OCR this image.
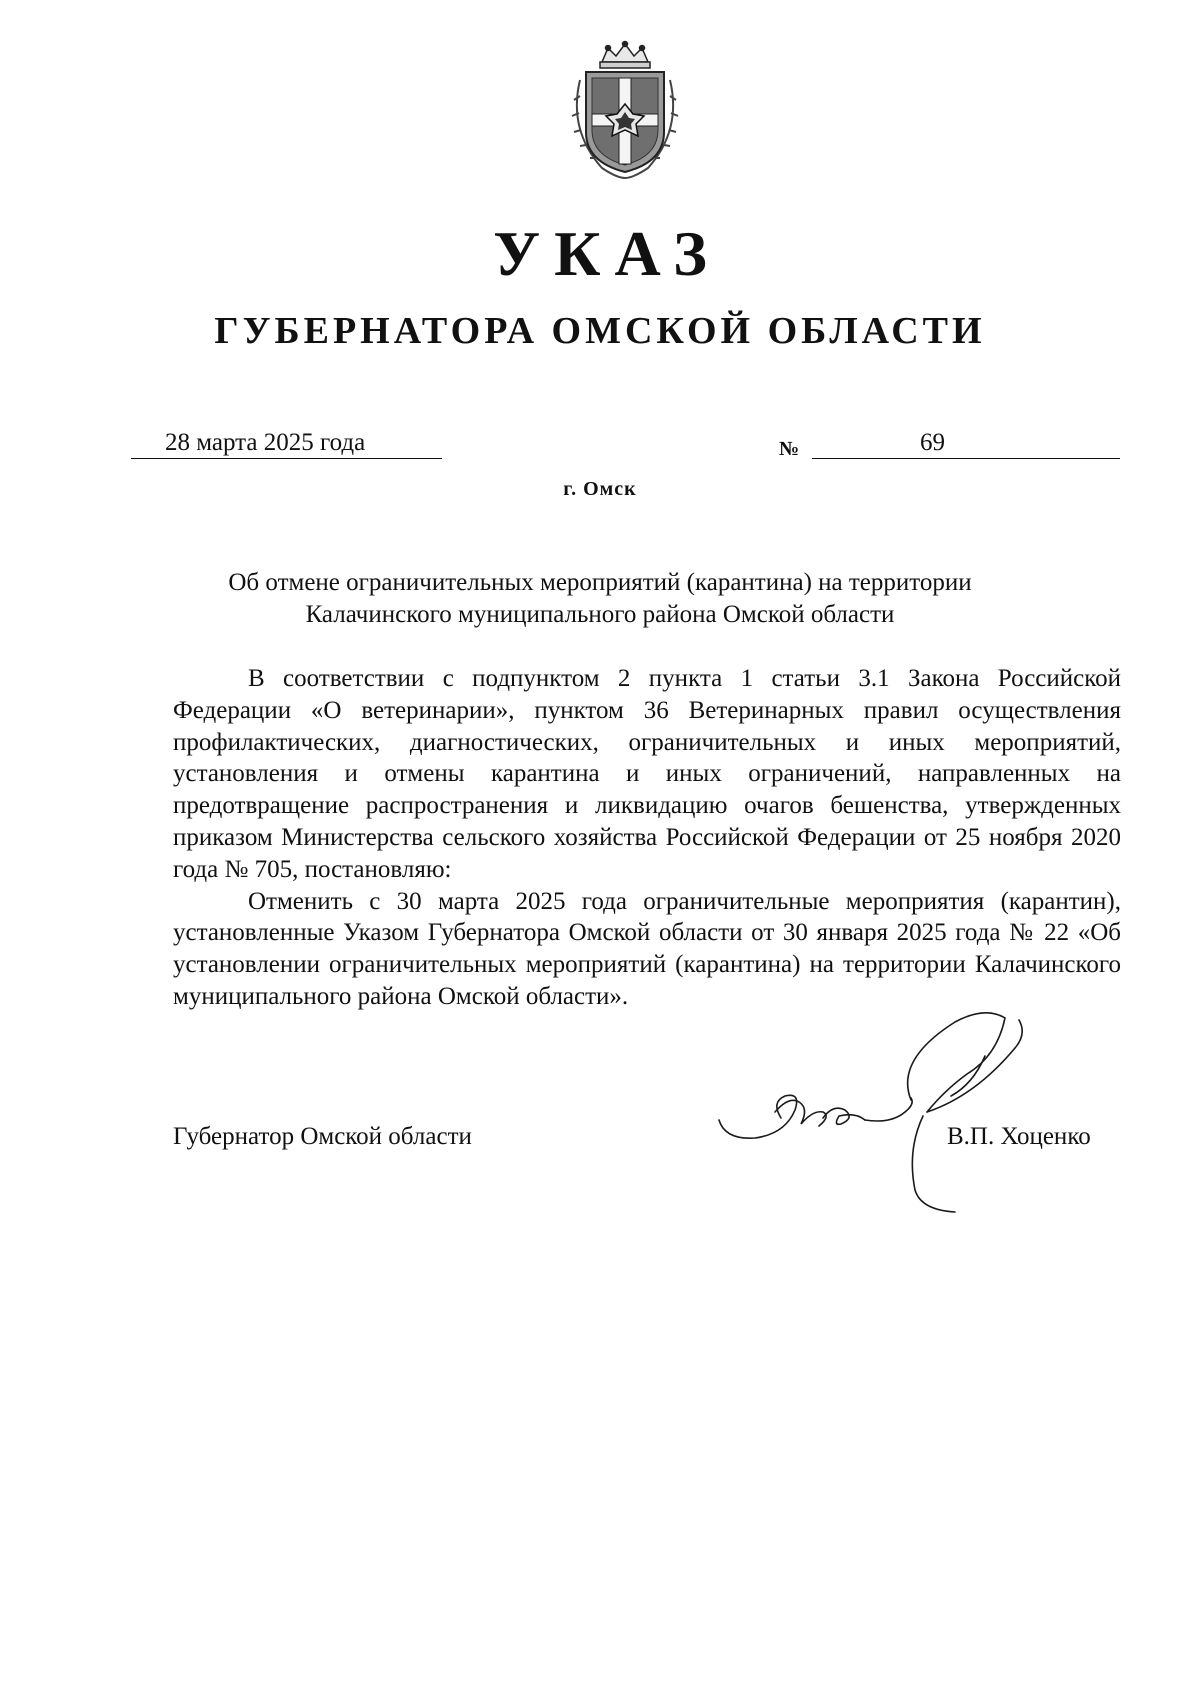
УКАЗ
ГУБЕРНАТОРА ОМСКОЙ ОБЛАСТИ
28 марта 2025 года	№	69
г. Омск
Об отмене ограничительных мероприятий (карантина) на территории
Калачинского муниципального района Омской области

В соответствии с подпунктом 2 пункта 1 статьи 3.1 Закона Российской Федерации «О ветеринарии», пунктом 36 Ветеринарных правил осуществления профилактических, диагностических, ограничительных и иных мероприятий, установления и отмены карантина и иных ограничений, направленных на предотвращение распространения и ликвидацию очагов бешенства, утвержденных приказом Министерства сельского хозяйства Российской Федерации от 25 ноября 2020 года № 705, постановляю:

Отменить с 30 марта 2025 года ограничительные мероприятия (карантин), установленные Указом Губернатора Омской области от 30 января 2025 года № 22 «Об установлении ограничительных мероприятий (карантина) на территории Калачинского муниципального района Омской области».

Губернатор Омской области	В.П. Хоценко
